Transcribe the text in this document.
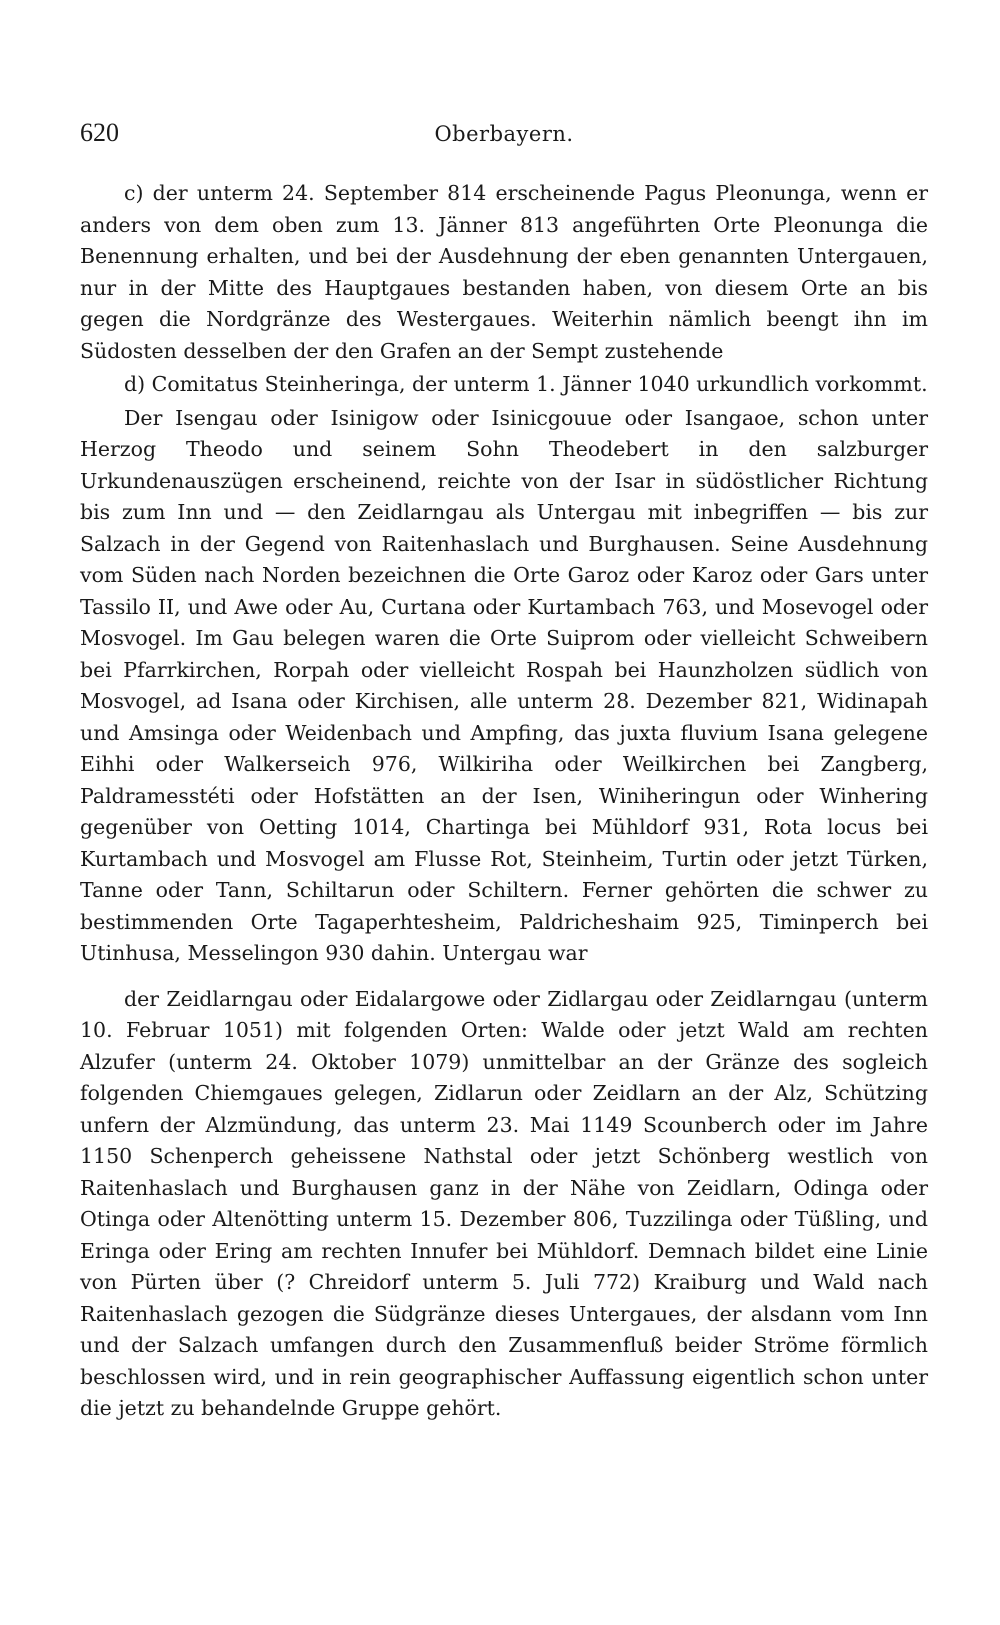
620	Oberbayern.

c) der unterm 24. September 814 erscheinende Pagus Pleonunga, wenn er anders von dem oben zum 13. Jänner 813 angeführten Orte Pleonunga die Benennung erhalten, und bei der Ausdehnung der eben genannten Untergauen, nur in der Mitte des Hauptgaues bestanden haben, von diesem Orte an bis gegen die Nordgränze des Westergaues. Weiterhin nämlich beengt ihn im Südosten desselben der den Grafen an der Sempt zustehende

d) Comitatus Steinheringa, der unterm 1. Jänner 1040 urkundlich vorkommt.

Der Isengau oder Isinigow oder Isinicgouue oder Isangaoe, schon unter Herzog Theodo und seinem Sohn Theodebert in den salzburger Urkundenauszügen erscheinend, reichte von der Isar in südöstlicher Richtung bis zum Inn und — den Zeidlarngau als Untergau mit inbegriffen — bis zur Salzach in der Gegend von Raitenhaslach und Burghausen. Seine Ausdehnung vom Süden nach Norden bezeichnen die Orte Garoz oder Karoz oder Gars unter Tassilo II, und Awe oder Au, Curtana oder Kurtambach 763, und Mosevogel oder Mosvogel. Im Gau belegen waren die Orte Suiprom oder vielleicht Schweibern bei Pfarrkirchen, Rorpah oder vielleicht Rospah bei Haunzholzen südlich von Mosvogel, ad Isana oder Kirchisen, alle unterm 28. Dezember 821, Widinapah und Amsinga oder Weidenbach und Ampfing, das juxta fluvium Isana gelegene Eihhi oder Walkerseich 976, Wilkiriha oder Weilkirchen bei Zangberg, Paldramesstéti oder Hofstätten an der Isen, Winiheringun oder Winhering gegenüber von Oetting 1014, Chartinga bei Mühldorf 931, Rota locus bei Kurtambach und Mosvogel am Flusse Rot, Steinheim, Turtin oder jetzt Türken, Tanne oder Tann, Schiltarun oder Schiltern. Ferner gehörten die schwer zu bestimmenden Orte Tagaperhtesheim, Paldricheshaim 925, Timinperch bei Utinhusa, Messelingon 930 dahin. Untergau war

der Zeidlarngau oder Eidalargowe oder Zidlargau oder Zeidlarngau (unterm 10. Februar 1051) mit folgenden Orten: Walde oder jetzt Wald am rechten Alzufer (unterm 24. Oktober 1079) unmittelbar an der Gränze des sogleich folgenden Chiemgaues gelegen, Zidlarun oder Zeidlarn an der Alz, Schützing unfern der Alzmündung, das unterm 23. Mai 1149 Scounberch oder im Jahre 1150 Schenperch geheissene Nathstal oder jetzt Schönberg westlich von Raitenhaslach und Burghausen ganz in der Nähe von Zeidlarn, Odinga oder Otinga oder Altenötting unterm 15. Dezember 806, Tuzzilinga oder Tüßling, und Eringa oder Ering am rechten Innufer bei Mühldorf. Demnach bildet eine Linie von Pürten über (? Chreidorf unterm 5. Juli 772) Kraiburg und Wald nach Raitenhaslach gezogen die Südgränze dieses Untergaues, der alsdann vom Inn und der Salzach umfangen durch den Zusammenfluß beider Ströme förmlich beschlossen wird, und in rein geographischer Auffassung eigentlich schon unter die jetzt zu behandelnde Gruppe gehört.
